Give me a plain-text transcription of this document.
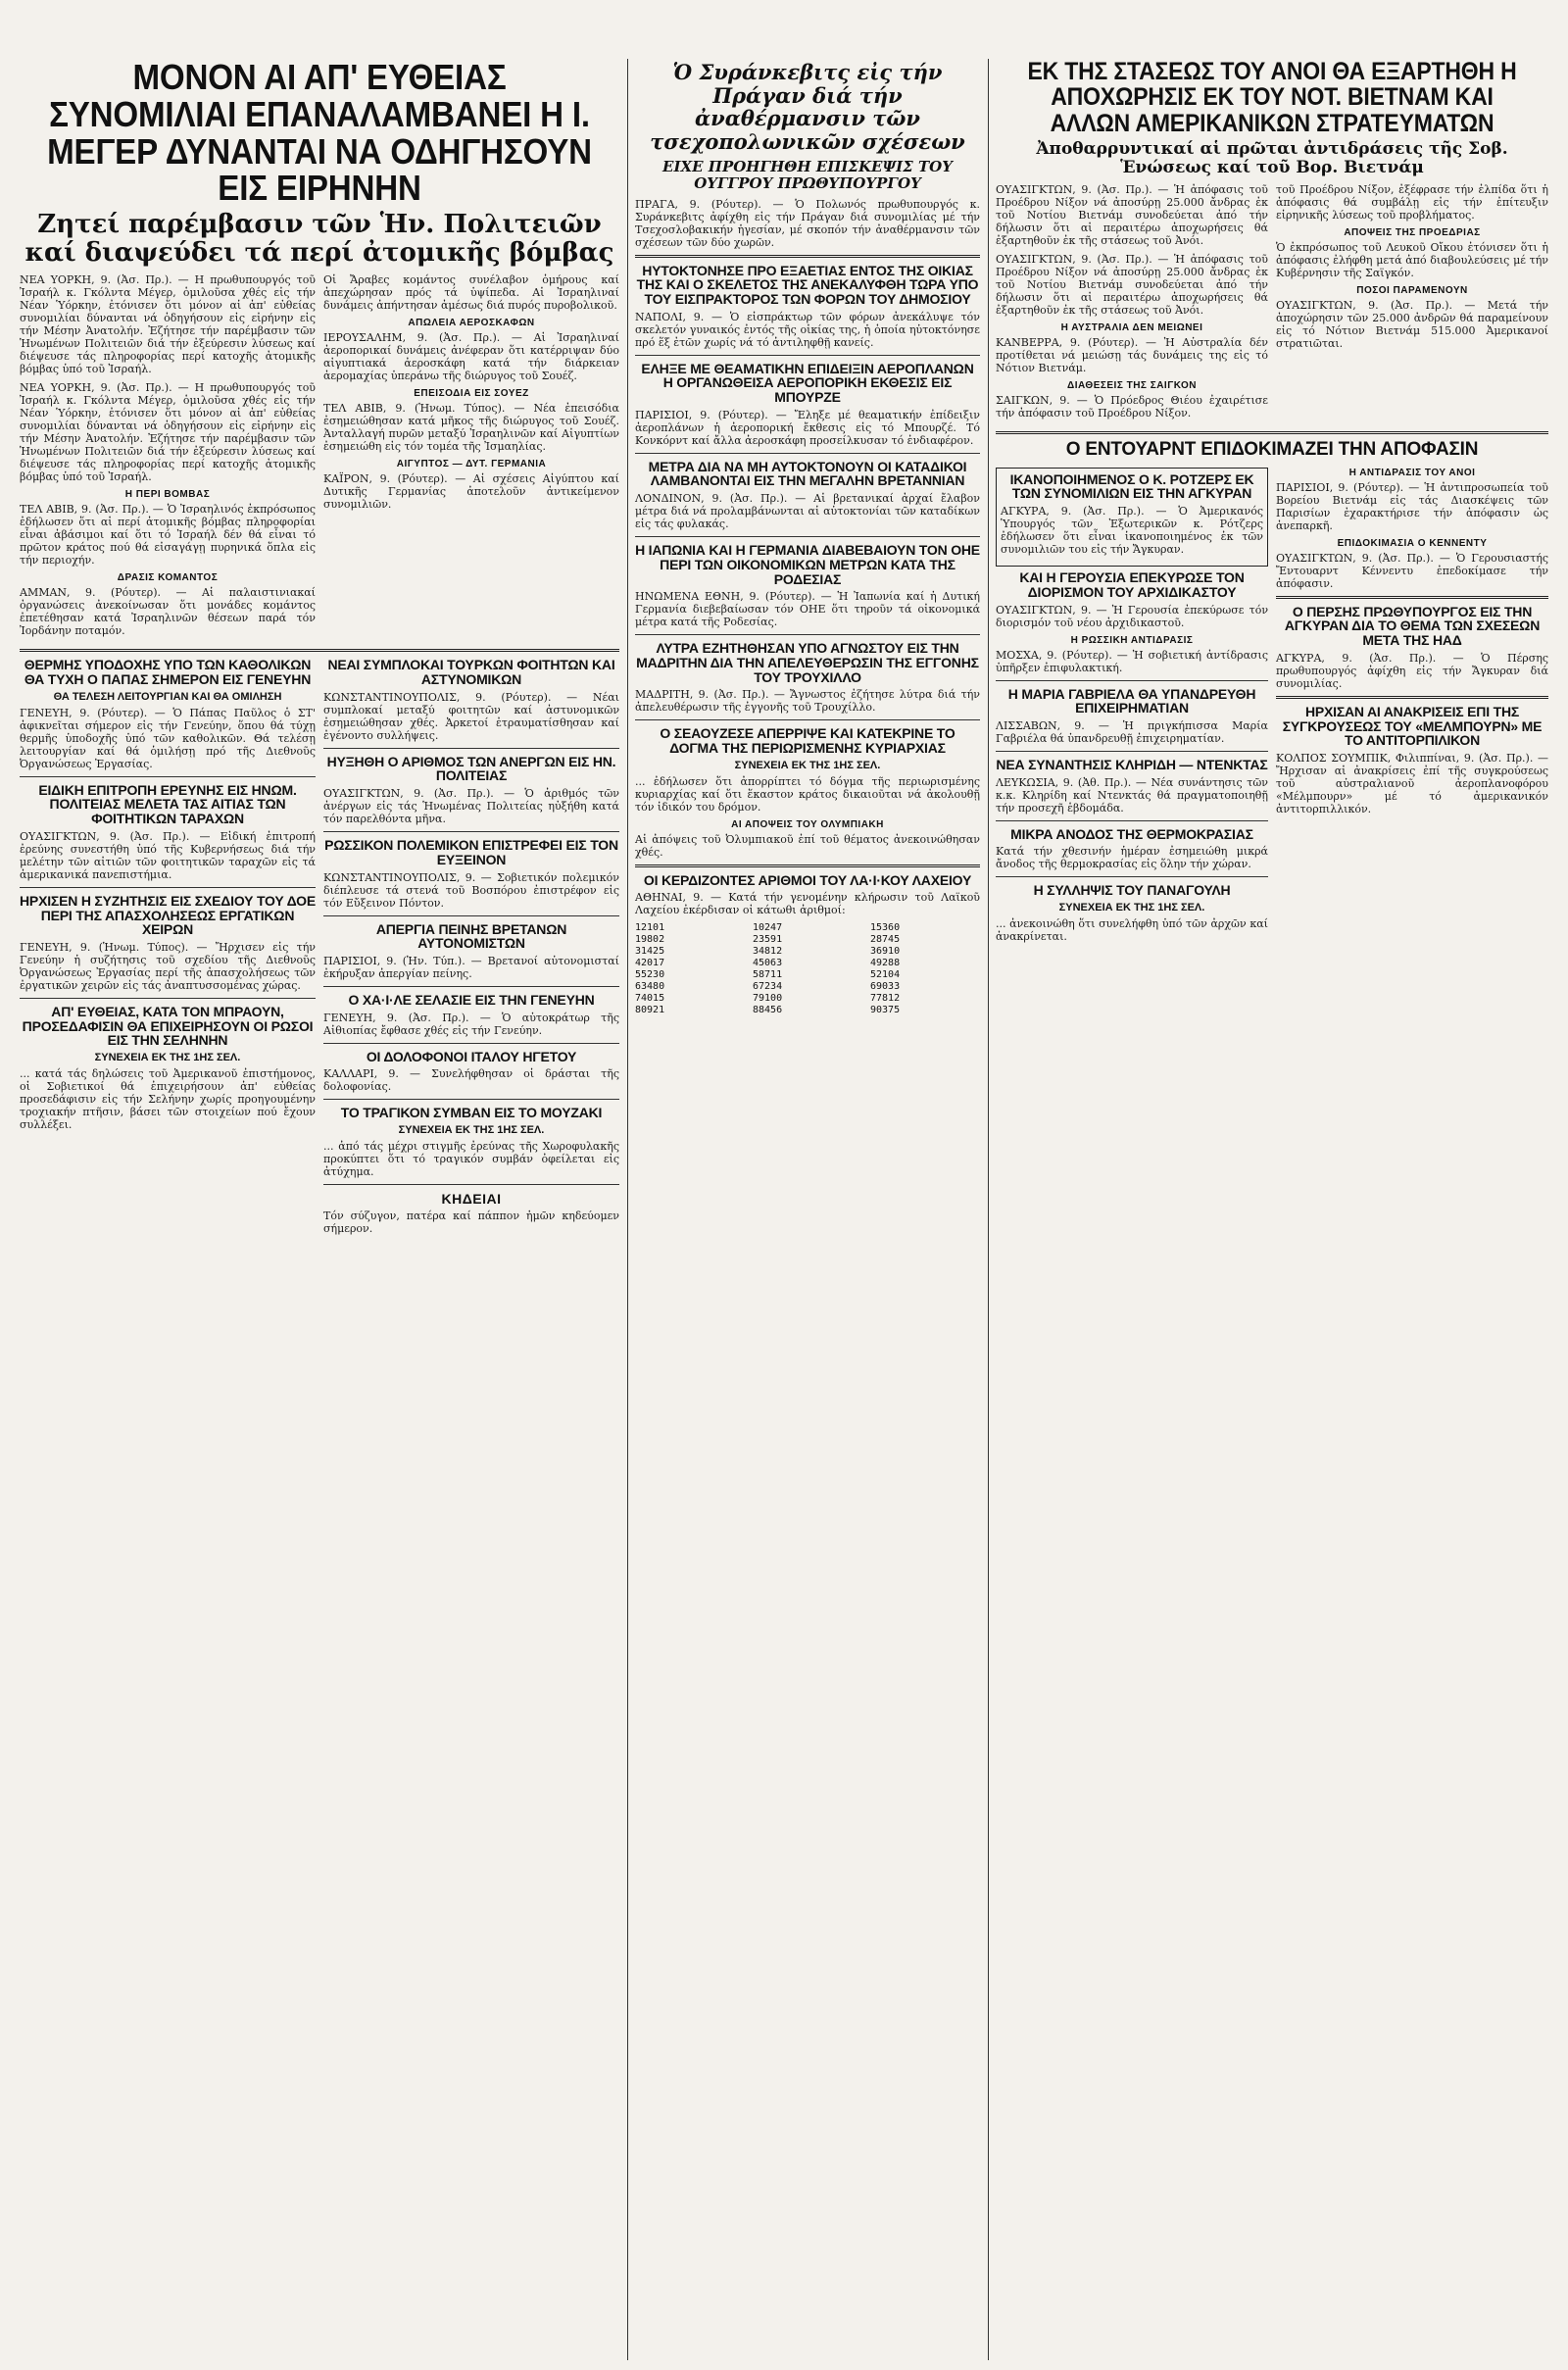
ΜΟΝΟΝ ΑΙ ΑΠ' ΕΥΘΕΙΑΣ ΣΥΝΟΜΙΛΙΑΙ ΕΠΑΝΑΛΑΜΒΑΝΕΙ Η Ι. ΜΕΓΕΡ ΔΥΝΑΝΤΑΙ ΝΑ ΟΔΗΓΗΣΟΥΝ ΕΙΣ ΕΙΡΗΝΗΝ
Ζητεί παρέμβασιν τῶν Ἡν. Πολιτειῶν καί διαψεύδει τά περί ἀτομικῆς βόμβας

ΝΕΑ ΥΟΡΚΗ, 9. (Ἀσ. Πρ.). — Η πρωθυπουργός τοῦ Ἰσραήλ κ. Γκόλντα Μέγερ, ὁμιλοῦσα χθές εἰς τήν Νέαν Ὑόρκην, ἐτόνισεν ὅτι μόνον αἱ ἀπ' εὐθείας συνομιλίαι δύνανται νά ὁδηγήσουν εἰς εἰρήνην εἰς τήν Μέσην Ἀνατολήν. Ἐζήτησε τήν παρέμβασιν τῶν Ἡνωμένων Πολιτειῶν διά τήν ἐξεύρεσιν λύσεως καί διέψευσε τάς πληροφορίας περί κατοχῆς ἀτομικῆς βόμβας ὑπό τοῦ Ἰσραήλ.

ΝΕΑ ΥΟΡΚΗ, 9. (Ἀσ. Πρ.). — Η πρωθυπουργός τοῦ Ἰσραήλ κ. Γκόλντα Μέγερ, ὁμιλοῦσα χθές εἰς τήν Νέαν Ὑόρκην, ἐτόνισεν ὅτι μόνον αἱ ἀπ' εὐθείας συνομιλίαι δύνανται νά ὁδηγήσουν εἰς εἰρήνην εἰς τήν Μέσην Ἀνατολήν. Ἐζήτησε τήν παρέμβασιν τῶν Ἡνωμένων Πολιτειῶν διά τήν ἐξεύρεσιν λύσεως καί διέψευσε τάς πληροφορίας περί κατοχῆς ἀτομικῆς βόμβας ὑπό τοῦ Ἰσραήλ.

Η ΠΕΡΙ ΒΟΜΒΑΣ

ΤΕΛ ΑΒΙΒ, 9. (Ἀσ. Πρ.). — Ὁ Ἰσραηλινός ἐκπρόσωπος ἐδήλωσεν ὅτι αἱ περί ἀτομικῆς βόμβας πληροφορίαι εἶναι ἀβάσιμοι καί ὅτι τό Ἰσραήλ δέν θά εἶναι τό πρῶτον κράτος πού θά εἰσαγάγῃ πυρηνικά ὅπλα εἰς τήν περιοχήν.

ΔΡΑΣΙΣ ΚΟΜΑΝΤΟΣ

ΑΜΜΑΝ, 9. (Ρόυτερ). — Αἱ παλαιστινιακαί ὀργανώσεις ἀνεκοίνωσαν ὅτι μονάδες κομάντος ἐπετέθησαν κατά Ἰσραηλινῶν θέσεων παρά τόν Ἰορδάνην ποταμόν.

Οἱ Ἄραβες κομάντος συνέλαβον ὁμήρους καί ἀπεχώρησαν πρός τά ὑψίπεδα. Αἱ Ἰσραηλιναί δυνάμεις ἀπήντησαν ἀμέσως διά πυρός πυροβολικοῦ.

ΑΠΩΛΕΙΑ ΑΕΡΟΣΚΑΦΩΝ

ΙΕΡΟΥΣΑΛΗΜ, 9. (Ἀσ. Πρ.). — Αἱ Ἰσραηλιναί ἀεροπορικαί δυνάμεις ἀνέφεραν ὅτι κατέρριψαν δύο αἰγυπτιακά ἀεροσκάφη κατά τήν διάρκειαν ἀερομαχίας ὑπεράνω τῆς διώρυγος τοῦ Σουέζ.

ΕΠΕΙΣΟΔΙΑ ΕΙΣ ΣΟΥΕΖ

ΤΕΛ ΑΒΙΒ, 9. (Ἡνωμ. Τύπος). — Νέα ἐπεισόδια ἐσημειώθησαν κατά μῆκος τῆς διώρυγος τοῦ Σουέζ. Ἀνταλλαγή πυρῶν μεταξύ Ἰσραηλινῶν καί Αἰγυπτίων ἐσημειώθη εἰς τόν τομέα τῆς Ἰσμαηλίας.

ΑΙΓΥΠΤΟΣ — ΔΥΤ. ΓΕΡΜΑΝΙΑ

ΚΑΪΡΟΝ, 9. (Ρόυτερ). — Αἱ σχέσεις Αἰγύπτου καί Δυτικῆς Γερμανίας ἀποτελοῦν ἀντικείμενον συνομιλιῶν.

ΘΕΡΜΗΣ ΥΠΟΔΟΧΗΣ ΥΠΟ ΤΩΝ ΚΑΘΟΛΙΚΩΝ ΘΑ ΤΥΧΗ Ο ΠΑΠΑΣ ΣΗΜΕΡΟΝ ΕΙΣ ΓΕΝΕΥΗΝ
ΘΑ ΤΕΛΕΣΗ ΛΕΙΤΟΥΡΓΙΑΝ ΚΑΙ ΘΑ ΟΜΙΛΗΣΗ

ΓΕΝΕΥΗ, 9. (Ρόυτερ). — Ὁ Πάπας Παῦλος ὁ ΣΤ' ἀφικνεῖται σήμερον εἰς τήν Γενεύην, ὅπου θά τύχῃ θερμῆς ὑποδοχῆς ὑπό τῶν καθολικῶν. Θά τελέσῃ λειτουργίαν καί θά ὁμιλήσῃ πρό τῆς Διεθνοῦς Ὀργανώσεως Ἐργασίας.

ΕΙΔΙΚΗ ΕΠΙΤΡΟΠΗ ΕΡΕΥΝΗΣ ΕΙΣ ΗΝΩΜ. ΠΟΛΙΤΕΙΑΣ ΜΕΛΕΤΑ ΤΑΣ ΑΙΤΙΑΣ ΤΩΝ ΦΟΙΤΗΤΙΚΩΝ ΤΑΡΑΧΩΝ

ΟΥΑΣΙΓΚΤΩΝ, 9. (Ἀσ. Πρ.). — Εἰδική ἐπιτροπή ἐρεύνης συνεστήθη ὑπό τῆς Κυβερνήσεως διά τήν μελέτην τῶν αἰτιῶν τῶν φοιτητικῶν ταραχῶν εἰς τά ἀμερικανικά πανεπιστήμια.

ΗΡΧΙΣΕΝ Η ΣΥΖΗΤΗΣΙΣ ΕΙΣ ΣΧΕΔΙΟΥ ΤΟΥ ΔΟΕ ΠΕΡΙ ΤΗΣ ΑΠΑΣΧΟΛΗΣΕΩΣ ΕΡΓΑΤΙΚΩΝ ΧΕΙΡΩΝ

ΓΕΝΕΥΗ, 9. (Ἡνωμ. Τύπος). — Ἤρχισεν εἰς τήν Γενεύην ἡ συζήτησις τοῦ σχεδίου τῆς Διεθνοῦς Ὀργανώσεως Ἐργασίας περί τῆς ἀπασχολήσεως τῶν ἐργατικῶν χειρῶν εἰς τάς ἀναπτυσσομένας χώρας.

ΑΠ' ΕΥΘΕΙΑΣ, ΚΑΤΑ ΤΟΝ ΜΠΡΑΟΥΝ, ΠΡΟΣΕΔΑΦΙΣΙΝ ΘΑ ΕΠΙΧΕΙΡΗΣΟΥΝ ΟΙ ΡΩΣΟΙ ΕΙΣ ΤΗΝ ΣΕΛΗΝΗΝ
ΣΥΝΕΧΕΙΑ ΕΚ ΤΗΣ 1ΗΣ ΣΕΛ.

... κατά τάς δηλώσεις τοῦ Ἀμερικανοῦ ἐπιστήμονος, οἱ Σοβιετικοί θά ἐπιχειρήσουν ἀπ' εὐθείας προσεδάφισιν εἰς τήν Σελήνην χωρίς προηγουμένην τροχιακήν πτῆσιν, βάσει τῶν στοιχείων πού ἔχουν συλλέξει.

ΝΕΑΙ ΣΥΜΠΛΟΚΑΙ ΤΟΥΡΚΩΝ ΦΟΙΤΗΤΩΝ ΚΑΙ ΑΣΤΥΝΟΜΙΚΩΝ

ΚΩΝΣΤΑΝΤΙΝΟΥΠΟΛΙΣ, 9. (Ρόυτερ). — Νέαι συμπλοκαί μεταξύ φοιτητῶν καί ἀστυνομικῶν ἐσημειώθησαν χθές. Ἀρκετοί ἐτραυματίσθησαν καί ἐγένοντο συλλήψεις.

ΗΥΞΗΘΗ Ο ΑΡΙΘΜΟΣ ΤΩΝ ΑΝΕΡΓΩΝ ΕΙΣ ΗΝ. ΠΟΛΙΤΕΙΑΣ

ΟΥΑΣΙΓΚΤΩΝ, 9. (Ἀσ. Πρ.). — Ὁ ἀριθμός τῶν ἀνέργων εἰς τάς Ἡνωμένας Πολιτείας ηὐξήθη κατά τόν παρελθόντα μῆνα.

ΡΩΣΣΙΚΟΝ ΠΟΛΕΜΙΚΟΝ ΕΠΙΣΤΡΕΦΕΙ ΕΙΣ ΤΟΝ ΕΥΞΕΙΝΟΝ

ΚΩΝΣΤΑΝΤΙΝΟΥΠΟΛΙΣ, 9. — Σοβιετικόν πολεμικόν διέπλευσε τά στενά τοῦ Βοσπόρου ἐπιστρέφον εἰς τόν Εὔξεινον Πόντον.

ΑΠΕΡΓΙΑ ΠΕΙΝΗΣ ΒΡΕΤΑΝΩΝ ΑΥΤΟΝΟΜΙΣΤΩΝ

ΠΑΡΙΣΙΟΙ, 9. (Ἡν. Τύπ.). — Βρετανοί αὐτονομισταί ἐκήρυξαν ἀπεργίαν πείνης.

Ο ΧΑ·Ι·ΛΕ ΣΕΛΑΣΙΕ ΕΙΣ ΤΗΝ ΓΕΝΕΥΗΝ

ΓΕΝΕΥΗ, 9. (Ἀσ. Πρ.). — Ὁ αὐτοκράτωρ τῆς Αἰθιοπίας ἔφθασε χθές εἰς τήν Γενεύην.

ΟΙ ΔΟΛΟΦΟΝΟΙ ΙΤΑΛΟΥ ΗΓΕΤΟΥ

ΚΑΛΛΑΡΙ, 9. — Συνελήφθησαν οἱ δράσται τῆς δολοφονίας.

ΤΟ ΤΡΑΓΙΚΟΝ ΣΥΜΒΑΝ ΕΙΣ ΤΟ ΜΟΥΖΑΚΙ
ΣΥΝΕΧΕΙΑ ΕΚ ΤΗΣ 1ΗΣ ΣΕΛ.

... ἀπό τάς μέχρι στιγμῆς ἐρεύνας τῆς Χωροφυλακῆς προκύπτει ὅτι τό τραγικόν συμβάν ὀφείλεται εἰς ἀτύχημα.

ΚΗΔΕΙΑΙ

Τόν σύζυγον, πατέρα καί πάππον ἡμῶν κηδεύομεν σήμερον.

Ὁ Συράνκεβιτς εἰς τήν Πράγαν διά τήν ἀναθέρμανσιν τῶν τσεχοπολωνικῶν σχέσεων
ΕΙΧΕ ΠΡΟΗΓΗΘΗ ΕΠΙΣΚΕΨΙΣ ΤΟΥ ΟΥΓΓΡΟΥ ΠΡΩΘΥΠΟΥΡΓΟΥ

ΠΡΑΓΑ, 9. (Ρόυτερ). — Ὁ Πολωνός πρωθυπουργός κ. Συράνκεβιτς ἀφίχθη εἰς τήν Πράγαν διά συνομιλίας μέ τήν Τσεχοσλοβακικήν ἡγεσίαν, μέ σκοπόν τήν ἀναθέρμανσιν τῶν σχέσεων τῶν δύο χωρῶν.

ΗΥΤΟΚΤΟΝΗΣΕ ΠΡΟ ΕΞΑΕΤΙΑΣ ΕΝΤΟΣ ΤΗΣ ΟΙΚΙΑΣ ΤΗΣ ΚΑΙ Ο ΣΚΕΛΕΤΟΣ ΤΗΣ ΑΝΕΚΑΛΥΦΘΗ ΤΩΡΑ ΥΠΟ ΤΟΥ ΕΙΣΠΡΑΚΤΟΡΟΣ ΤΩΝ ΦΟΡΩΝ ΤΟΥ ΔΗΜΟΣΙΟΥ

ΝΑΠΟΛΙ, 9. — Ὁ εἰσπράκτωρ τῶν φόρων ἀνεκάλυψε τόν σκελετόν γυναικός ἐντός τῆς οἰκίας της, ἡ ὁποία ηὐτοκτόνησε πρό ἕξ ἐτῶν χωρίς νά τό ἀντιληφθῇ κανείς.

ΕΛΗΞΕ ΜΕ ΘΕΑΜΑΤΙΚΗΝ ΕΠΙΔΕΙΞΙΝ ΑΕΡΟΠΛΑΝΩΝ Η ΟΡΓΑΝΩΘΕΙΣΑ ΑΕΡΟΠΟΡΙΚΗ ΕΚΘΕΣΙΣ ΕΙΣ ΜΠΟΥΡΖΕ

ΠΑΡΙΣΙΟΙ, 9. (Ρόυτερ). — Ἔληξε μέ θεαματικήν ἐπίδειξιν ἀεροπλάνων ἡ ἀεροπορική ἔκθεσις εἰς τό Μπουρζέ. Τό Κονκόρντ καί ἄλλα ἀεροσκάφη προσείλκυσαν τό ἐνδιαφέρον.

ΜΕΤΡΑ ΔΙΑ ΝΑ ΜΗ ΑΥΤΟΚΤΟΝΟΥΝ ΟΙ ΚΑΤΑΔΙΚΟΙ ΛΑΜΒΑΝΟΝΤΑΙ ΕΙΣ ΤΗΝ ΜΕΓΑΛΗΝ ΒΡΕΤΑΝΝΙΑΝ

ΛΟΝΔΙΝΟΝ, 9. (Ἀσ. Πρ.). — Αἱ βρετανικαί ἀρχαί ἔλαβον μέτρα διά νά προλαμβάνωνται αἱ αὐτοκτονίαι τῶν καταδίκων εἰς τάς φυλακάς.

Η ΙΑΠΩΝΙΑ ΚΑΙ Η ΓΕΡΜΑΝΙΑ ΔΙΑΒΕΒΑΙΟΥΝ ΤΟΝ ΟΗΕ ΠΕΡΙ ΤΩΝ ΟΙΚΟΝΟΜΙΚΩΝ ΜΕΤΡΩΝ ΚΑΤΑ ΤΗΣ ΡΟΔΕΣΙΑΣ

ΗΝΩΜΕΝΑ ΕΘΝΗ, 9. (Ρόυτερ). — Ἡ Ἰαπωνία καί ἡ Δυτική Γερμανία διεβεβαίωσαν τόν ΟΗΕ ὅτι τηροῦν τά οἰκονομικά μέτρα κατά τῆς Ροδεσίας.

ΛΥΤΡΑ ΕΖΗΤΗΘΗΣΑΝ ΥΠΟ ΑΓΝΩΣΤΟΥ ΕΙΣ ΤΗΝ ΜΑΔΡΙΤΗΝ ΔΙΑ ΤΗΝ ΑΠΕΛΕΥΘΕΡΩΣΙΝ ΤΗΣ ΕΓΓΟΝΗΣ ΤΟΥ ΤΡΟΥΧΙΛΛΟ

ΜΑΔΡΙΤΗ, 9. (Ἀσ. Πρ.). — Ἄγνωστος ἐζήτησε λύτρα διά τήν ἀπελευθέρωσιν τῆς ἐγγονῆς τοῦ Τρουχίλλο.

Ο ΣΕΑΟΥΖΕΣΕ ΑΠΕΡΡΙΨΕ ΚΑΙ ΚΑΤΕΚΡΙΝΕ ΤΟ ΔΟΓΜΑ ΤΗΣ ΠΕΡΙΩΡΙΣΜΕΝΗΣ ΚΥΡΙΑΡΧΙΑΣ
ΣΥΝΕΧΕΙΑ ΕΚ ΤΗΣ 1ΗΣ ΣΕΛ.

... ἐδήλωσεν ὅτι ἀπορρίπτει τό δόγμα τῆς περιωρισμένης κυριαρχίας καί ὅτι ἕκαστον κράτος δικαιοῦται νά ἀκολουθῇ τόν ἰδικόν του δρόμον.

ΑΙ ΑΠΟΨΕΙΣ ΤΟΥ ΟΛΥΜΠΙΑΚΗ

Αἱ ἀπόψεις τοῦ Ὀλυμπιακοῦ ἐπί τοῦ θέματος ἀνεκοινώθησαν χθές.

ΟΙ ΚΕΡΔΙΖΟΝΤΕΣ ΑΡΙΘΜΟΙ ΤΟΥ ΛΑ·Ι·ΚΟΥ ΛΑΧΕΙΟΥ

ΑΘΗΝΑΙ, 9. — Κατά τήν γενομένην κλήρωσιν τοῦ Λαϊκοῦ Λαχείου ἐκέρδισαν οἱ κάτωθι ἀριθμοί:

12101
19802
31425
42017
55230
63480
74015
80921
10247
23591
34812
45063
58711
67234
79100
88456
15360
28745
36910
49288
52104
69033
77812
90375
ΕΚ ΤΗΣ ΣΤΑΣΕΩΣ ΤΟΥ ΑΝΟΙ ΘΑ ΕΞΑΡΤΗΘΗ Η ΑΠΟΧΩΡΗΣΙΣ ΕΚ ΤΟΥ ΝΟΤ. ΒΙΕΤΝΑΜ ΚΑΙ ΑΛΛΩΝ ΑΜΕΡΙΚΑΝΙΚΩΝ ΣΤΡΑΤΕΥΜΑΤΩΝ
Ἀποθαρρυντικαί αἱ πρῶται ἀντιδράσεις τῆς Σοβ. Ἑνώσεως καί τοῦ Βορ. Βιετνάμ

ΟΥΑΣΙΓΚΤΩΝ, 9. (Ἀσ. Πρ.). — Ἡ ἀπόφασις τοῦ Προέδρου Νίξον νά ἀποσύρῃ 25.000 ἄνδρας ἐκ τοῦ Νοτίου Βιετνάμ συνοδεύεται ἀπό τήν δήλωσιν ὅτι αἱ περαιτέρω ἀποχωρήσεις θά ἐξαρτηθοῦν ἐκ τῆς στάσεως τοῦ Ἀνόι.

ΟΥΑΣΙΓΚΤΩΝ, 9. (Ἀσ. Πρ.). — Ἡ ἀπόφασις τοῦ Προέδρου Νίξον νά ἀποσύρῃ 25.000 ἄνδρας ἐκ τοῦ Νοτίου Βιετνάμ συνοδεύεται ἀπό τήν δήλωσιν ὅτι αἱ περαιτέρω ἀποχωρήσεις θά ἐξαρτηθοῦν ἐκ τῆς στάσεως τοῦ Ἀνόι.

Η ΑΥΣΤΡΑΛΙΑ ΔΕΝ ΜΕΙΩΝΕΙ

ΚΑΝΒΕΡΡΑ, 9. (Ρόυτερ). — Ἡ Αὐστραλία δέν προτίθεται νά μειώσῃ τάς δυνάμεις της εἰς τό Νότιον Βιετνάμ.

ΔΙΑΘΕΣΕΙΣ ΤΗΣ ΣΑΙΓΚΟΝ

ΣΑΙΓΚΩΝ, 9. — Ὁ Πρόεδρος Θιέου ἐχαιρέτισε τήν ἀπόφασιν τοῦ Προέδρου Νίξον.

τοῦ Προέδρου Νίξον, ἐξέφρασε τήν ἐλπίδα ὅτι ἡ ἀπόφασις θά συμβάλῃ εἰς τήν ἐπίτευξιν εἰρηνικῆς λύσεως τοῦ προβλήματος.

ΑΠΟΨΕΙΣ ΤΗΣ ΠΡΟΕΔΡΙΑΣ

Ὁ ἐκπρόσωπος τοῦ Λευκοῦ Οἴκου ἐτόνισεν ὅτι ἡ ἀπόφασις ἐλήφθη μετά ἀπό διαβουλεύσεις μέ τήν Κυβέρνησιν τῆς Σαϊγκόν.

ΠΟΣΟΙ ΠΑΡΑΜΕΝΟΥΝ

ΟΥΑΣΙΓΚΤΩΝ, 9. (Ἀσ. Πρ.). — Μετά τήν ἀποχώρησιν τῶν 25.000 ἀνδρῶν θά παραμείνουν εἰς τό Νότιον Βιετνάμ 515.000 Ἀμερικανοί στρατιῶται.

Ο ΕΝΤΟΥΑΡΝΤ ΕΠΙΔΟΚΙΜΑΖΕΙ ΤΗΝ ΑΠΟΦΑΣΙΝ
ΙΚΑΝΟΠΟΙΗΜΕΝΟΣ Ο Κ. ΡΟΤΖΕΡΣ ΕΚ ΤΩΝ ΣΥΝΟΜΙΛΙΩΝ ΕΙΣ ΤΗΝ ΑΓΚΥΡΑΝ

ΑΓΚΥΡΑ, 9. (Ἀσ. Πρ.). — Ὁ Ἀμερικανός Ὑπουργός τῶν Ἐξωτερικῶν κ. Ρότζερς ἐδήλωσεν ὅτι εἶναι ἱκανοποιημένος ἐκ τῶν συνομιλιῶν του εἰς τήν Ἄγκυραν.

ΚΑΙ Η ΓΕΡΟΥΣΙΑ ΕΠΕΚΥΡΩΣΕ ΤΟΝ ΔΙΟΡΙΣΜΟΝ ΤΟΥ ΑΡΧΙΔΙΚΑΣΤΟΥ

ΟΥΑΣΙΓΚΤΩΝ, 9. — Ἡ Γερουσία ἐπεκύρωσε τόν διορισμόν τοῦ νέου ἀρχιδικαστοῦ.

Η ΡΩΣΣΙΚΗ ΑΝΤΙΔΡΑΣΙΣ

ΜΟΣΧΑ, 9. (Ρόυτερ). — Ἡ σοβιετική ἀντίδρασις ὑπῆρξεν ἐπιφυλακτική.

Η ΜΑΡΙΑ ΓΑΒΡΙΕΛΑ ΘΑ ΥΠΑΝΔΡΕΥΘΗ ΕΠΙΧΕΙΡΗΜΑΤΙΑΝ

ΛΙΣΣΑΒΩΝ, 9. — Ἡ πριγκήπισσα Μαρία Γαβριέλα θά ὑπανδρευθῇ ἐπιχειρηματίαν.

ΝΕΑ ΣΥΝΑΝΤΗΣΙΣ ΚΛΗΡΙΔΗ — ΝΤΕΝΚΤΑΣ

ΛΕΥΚΩΣΙΑ, 9. (Ἀθ. Πρ.). — Νέα συνάντησις τῶν κ.κ. Κληρίδη καί Ντενκτάς θά πραγματοποιηθῇ τήν προσεχῆ ἑβδομάδα.

ΜΙΚΡΑ ΑΝΟΔΟΣ ΤΗΣ ΘΕΡΜΟΚΡΑΣΙΑΣ

Κατά τήν χθεσινήν ἡμέραν ἐσημειώθη μικρά ἄνοδος τῆς θερμοκρασίας εἰς ὅλην τήν χώραν.

Η ΣΥΛΛΗΨΙΣ ΤΟΥ ΠΑΝΑΓΟΥΛΗ
ΣΥΝΕΧΕΙΑ ΕΚ ΤΗΣ 1ΗΣ ΣΕΛ.

... ἀνεκοινώθη ὅτι συνελήφθη ὑπό τῶν ἀρχῶν καί ἀνακρίνεται.

Η ΑΝΤΙΔΡΑΣΙΣ ΤΟΥ ΑΝΟΙ

ΠΑΡΙΣΙΟΙ, 9. (Ρόυτερ). — Ἡ ἀντιπροσωπεία τοῦ Βορείου Βιετνάμ εἰς τάς Διασκέψεις τῶν Παρισίων ἐχαρακτήρισε τήν ἀπόφασιν ὡς ἀνεπαρκῆ.

ΕΠΙΔΟΚΙΜΑΣΙΑ Ο ΚΕΝΝΕΝΤΥ

ΟΥΑΣΙΓΚΤΩΝ, 9. (Ἀσ. Πρ.). — Ὁ Γερουσιαστής Ἔντουαρντ Κέννεντυ ἐπεδοκίμασε τήν ἀπόφασιν.

Ο ΠΕΡΣΗΣ ΠΡΩΘΥΠΟΥΡΓΟΣ ΕΙΣ ΤΗΝ ΑΓΚΥΡΑΝ ΔΙΑ ΤΟ ΘΕΜΑ ΤΩΝ ΣΧΕΣΕΩΝ ΜΕΤΑ ΤΗΣ ΗΑΔ

ΑΓΚΥΡΑ, 9. (Ἀσ. Πρ.). — Ὁ Πέρσης πρωθυπουργός ἀφίχθη εἰς τήν Ἄγκυραν διά συνομιλίας.

ΗΡΧΙΣΑΝ ΑΙ ΑΝΑΚΡΙΣΕΙΣ ΕΠΙ ΤΗΣ ΣΥΓΚΡΟΥΣΕΩΣ ΤΟΥ «ΜΕΛΜΠΟΥΡΝ» ΜΕ ΤΟ ΑΝΤΙΤΟΡΠΙΛΙΚΟΝ

ΚΟΛΠΟΣ ΣΟΥΜΠΙΚ, Φιλιππίναι, 9. (Ἀσ. Πρ.). — Ἤρχισαν αἱ ἀνακρίσεις ἐπί τῆς συγκρούσεως τοῦ αὐστραλιανοῦ ἀεροπλανοφόρου «Μέλμπουρν» μέ τό ἀμερικανικόν ἀντιτορπιλλικόν.
